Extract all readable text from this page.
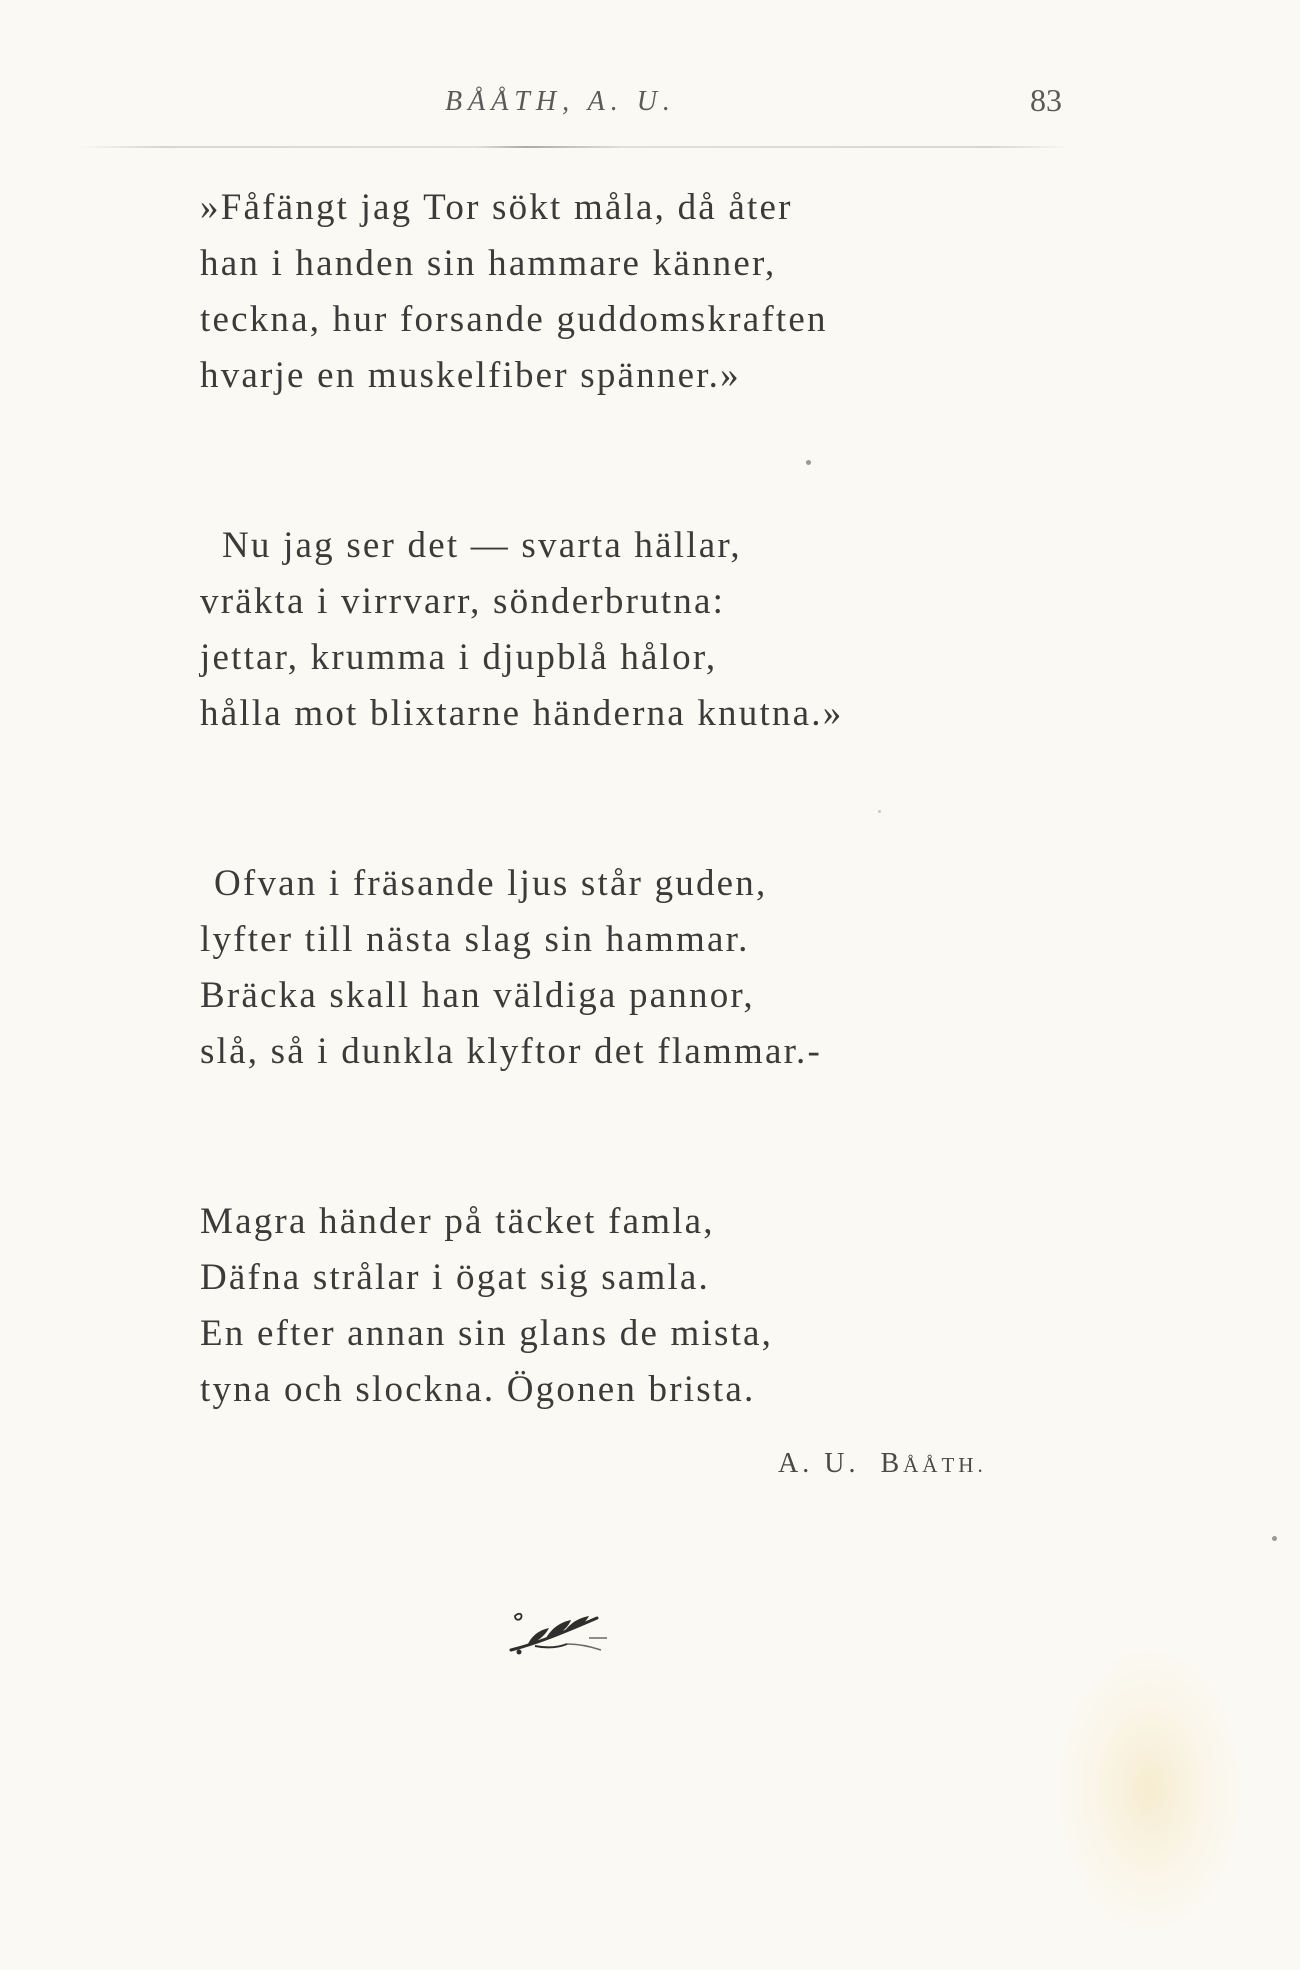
BÅÅTH, A. U.	83
»Fåfängt jag Tor sökt måla, då åter
han i handen sin hammare känner,
teckna, hur forsande guddomskraften
hvarje en muskelfiber spänner.»
Nu jag ser det — svarta hällar,
vräkta i virrvarr, sönderbrutna:
jettar, krumma i djupblå hålor,
hålla mot blixtarne händerna knutna.»
Ofvan i fräsande ljus står guden,
lyfter till nästa slag sin hammar.
Bräcka skall han väldiga pannor,
slå, så i dunkla klyftor det flammar.-
Magra händer på täcket famla,
Däfna strålar i ögat sig samla.
En efter annan sin glans de mista,
tyna och slockna. Ögonen brista.
A. U. BÅÅTH.
